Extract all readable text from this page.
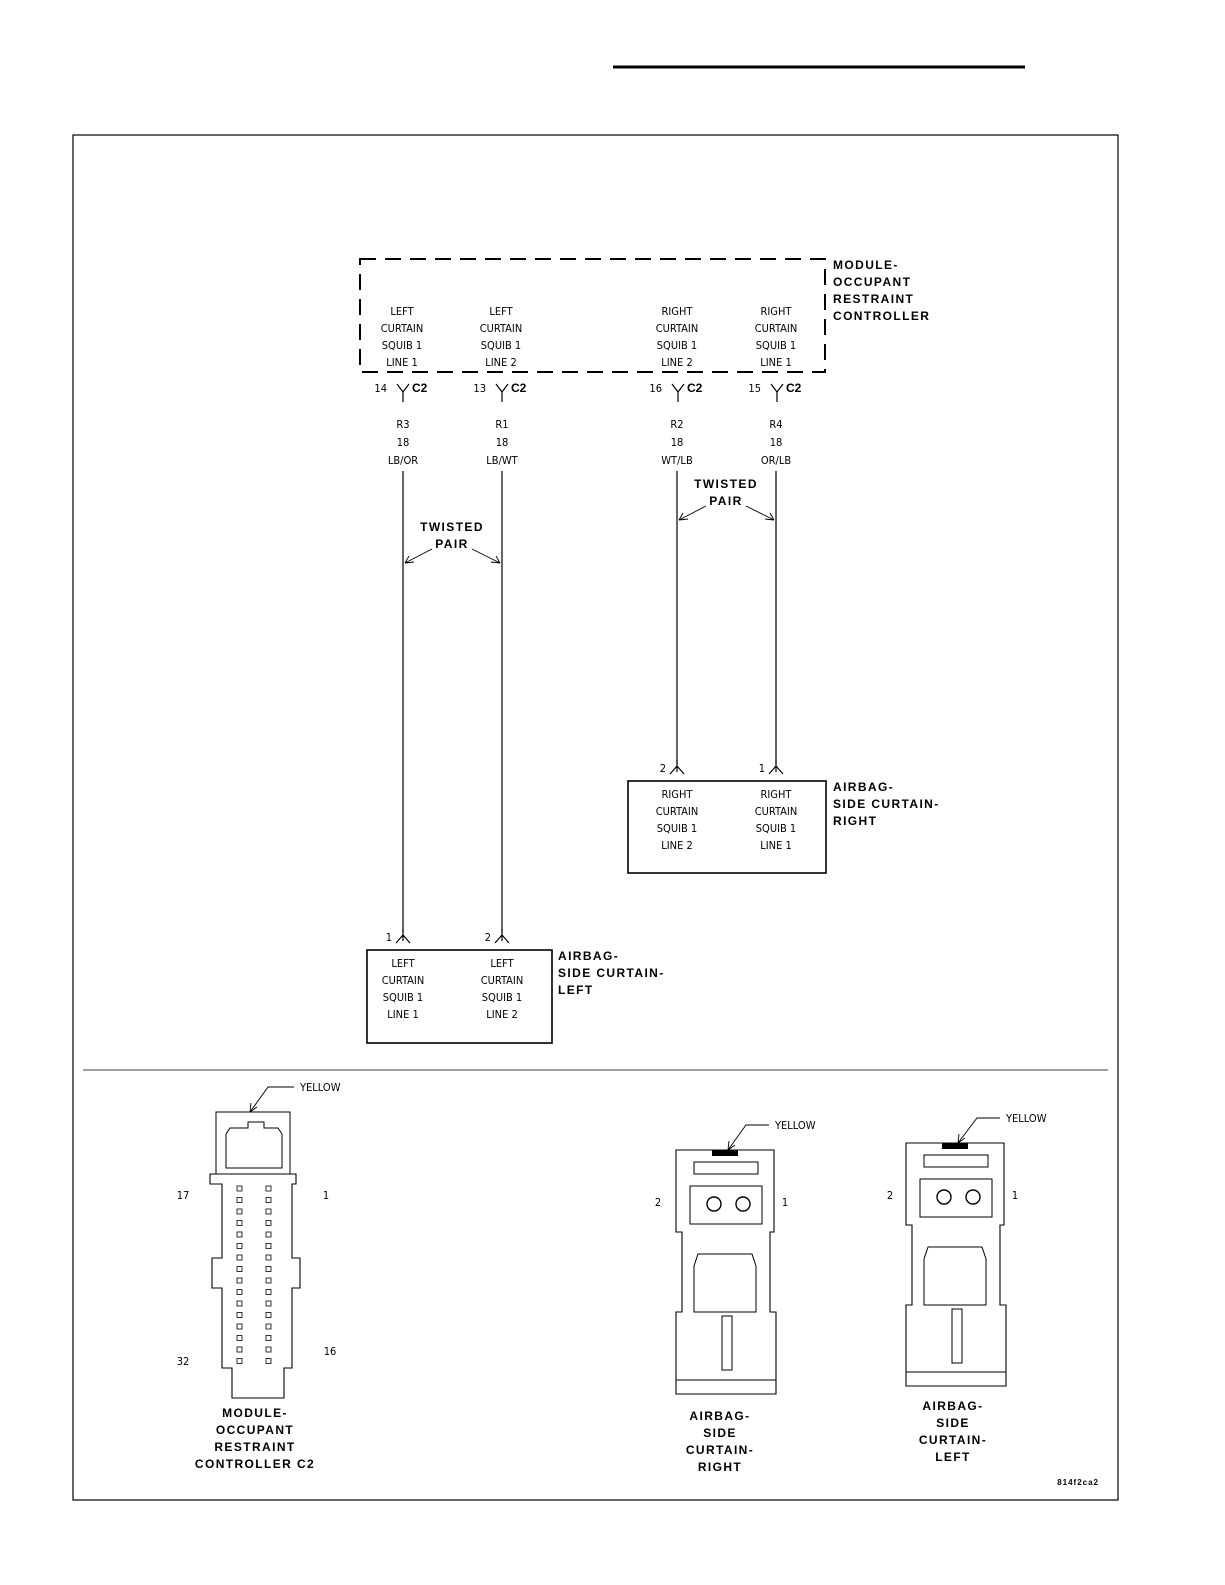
MODULE-
OCCUPANT
RESTRAINT
CONTROLLER
LEFT
CURTAIN
SQUIB 1
LINE 1
LEFT
CURTAIN
SQUIB 1
LINE 2
RIGHT
CURTAIN
SQUIB 1
LINE 2
RIGHT
CURTAIN
SQUIB 1
LINE 1
14 C2	13 C2	16 C2	15 C2
R3
18
LB/OR
R1
18
LB/WT
R2
18
WT/LB
R4
18
OR/LB
TWISTED
PAIR
TWISTED
PAIR
2	1
RIGHT
CURTAIN
SQUIB 1
LINE 2
RIGHT
CURTAIN
SQUIB 1
LINE 1
AIRBAG-
SIDE CURTAIN-
RIGHT
1	2
LEFT
CURTAIN
SQUIB 1
LINE 1
LEFT
CURTAIN
SQUIB 1
LINE 2
AIRBAG-
SIDE CURTAIN-
LEFT
YELLOW
17	1
32
16
MODULE-
OCCUPANT
RESTRAINT
CONTROLLER C2
YELLOW
2	1
AIRBAG-
SIDE
CURTAIN-
RIGHT
YELLOW
2	1
AIRBAG-
SIDE
CURTAIN-
LEFT
814f2ca2
